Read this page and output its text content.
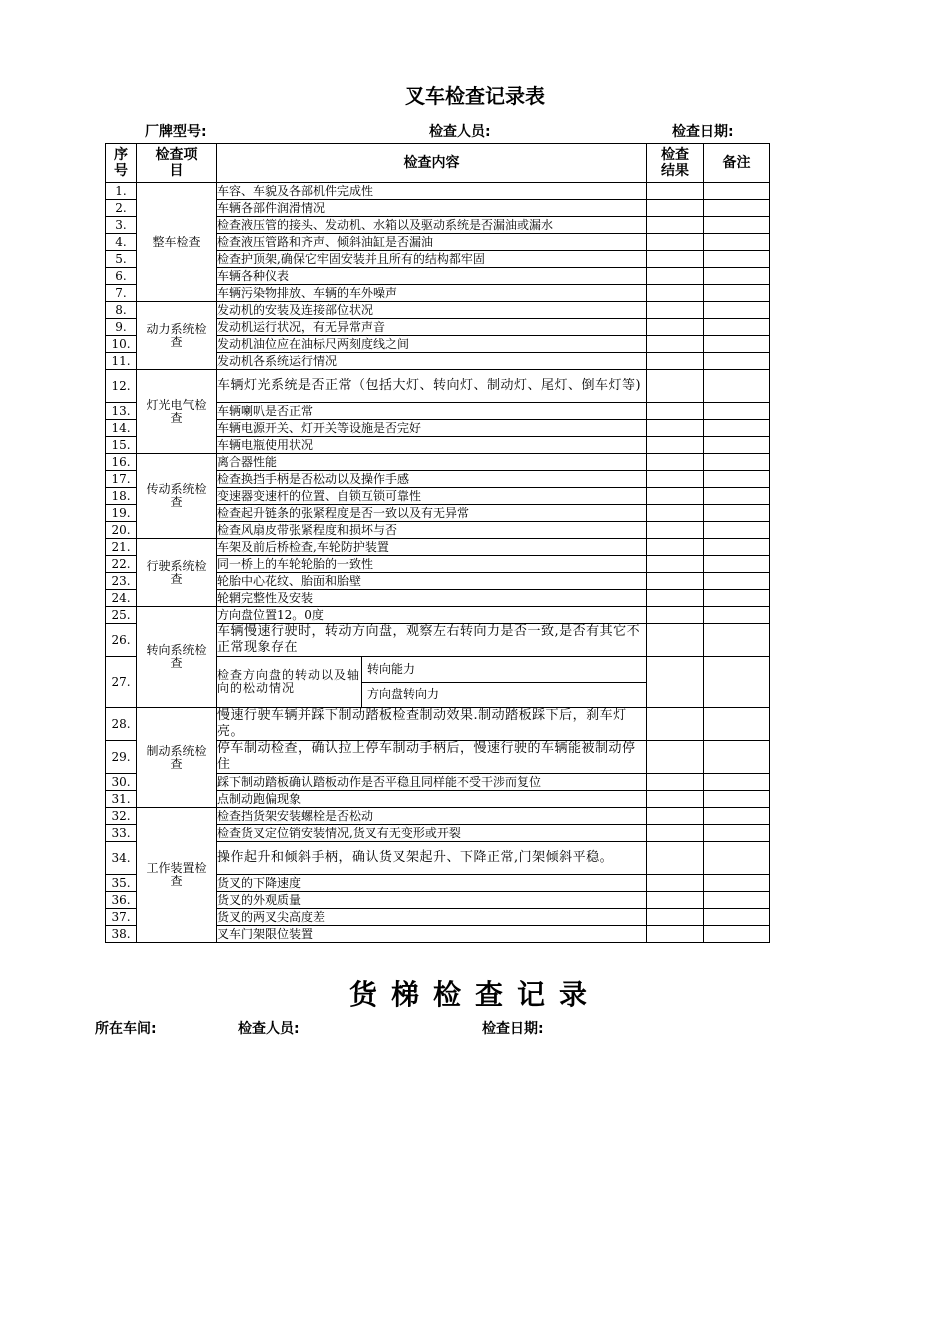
叉车检查记录表
厂牌型号:	检查人员:	检查日期:
序号	检查项目	检查内容	检查结果	备注
1.	整车检查	车容、车貌及各部机件完成性		
2.	车辆各部件润滑情况		
3.	检查液压管的接头、发动机、水箱以及驱动系统是否漏油或漏水		
4.	检查液压管路和齐声、倾斜油缸是否漏油		
5.	检查护顶架,确保它牢固安装并且所有的结构都牢固		
6.	车辆各种仪表		
7.	车辆污染物排放、车辆的车外噪声		
8.	动力系统检查	发动机的安装及连接部位状况		
9.	发动机运行状况，有无异常声音		
10.	发动机油位应在油标尺两刻度线之间		
11.	发动机各系统运行情况		
12.	灯光电气检查	车辆灯光系统是否正常（包括大灯、转向灯、制动灯、尾灯、倒车灯等)		
13.	车辆喇叭是否正常		
14.	车辆电源开关、灯开关等设施是否完好		
15.	车辆电瓶使用状况		
16.	传动系统检查	离合器性能		
17.	检查换挡手柄是否松动以及操作手感		
18.	变速器变速杆的位置、自锁互锁可靠性		
19.	检查起升链条的张紧程度是否一致以及有无异常		
20.	检查风扇皮带张紧程度和损坏与否		
21.	行驶系统检查	车架及前后桥检查,车轮防护装置		
22.	同一桥上的车轮轮胎的一致性		
23.	轮胎中心花纹、胎面和胎壁		
24.	轮辋完整性及安装		
25.	转向系统检查	方向盘位置12。0度		
26.	车辆慢速行驶时，转动方向盘，观察左右转向力是否一致,是否有其它不正常现象存在		
27.	检查方向盘的转动以及轴向的松动情况	
转向能力
方向盘转向力

28.	制动系统检查	慢速行驶车辆并踩下制动踏板检查制动效果.制动踏板踩下后，刹车灯亮。		
29.	停车制动检查，确认拉上停车制动手柄后，慢速行驶的车辆能被制动停住		
30.	踩下制动踏板确认踏板动作是否平稳且同样能不受干涉而复位		
31.	点制动跑偏现象		
32.	工作装置检查	检查挡货架安装螺栓是否松动		
33.	检查货叉定位销安装情况,货叉有无变形或开裂		
34.	操作起升和倾斜手柄，确认货叉架起升、下降正常,门架倾斜平稳。		
35.	货叉的下降速度		
36.	货叉的外观质量		
37.	货叉的两叉尖高度差		
38.	叉车门架限位装置		
货梯检查记录
所在车间:	检查人员:	检查日期:
